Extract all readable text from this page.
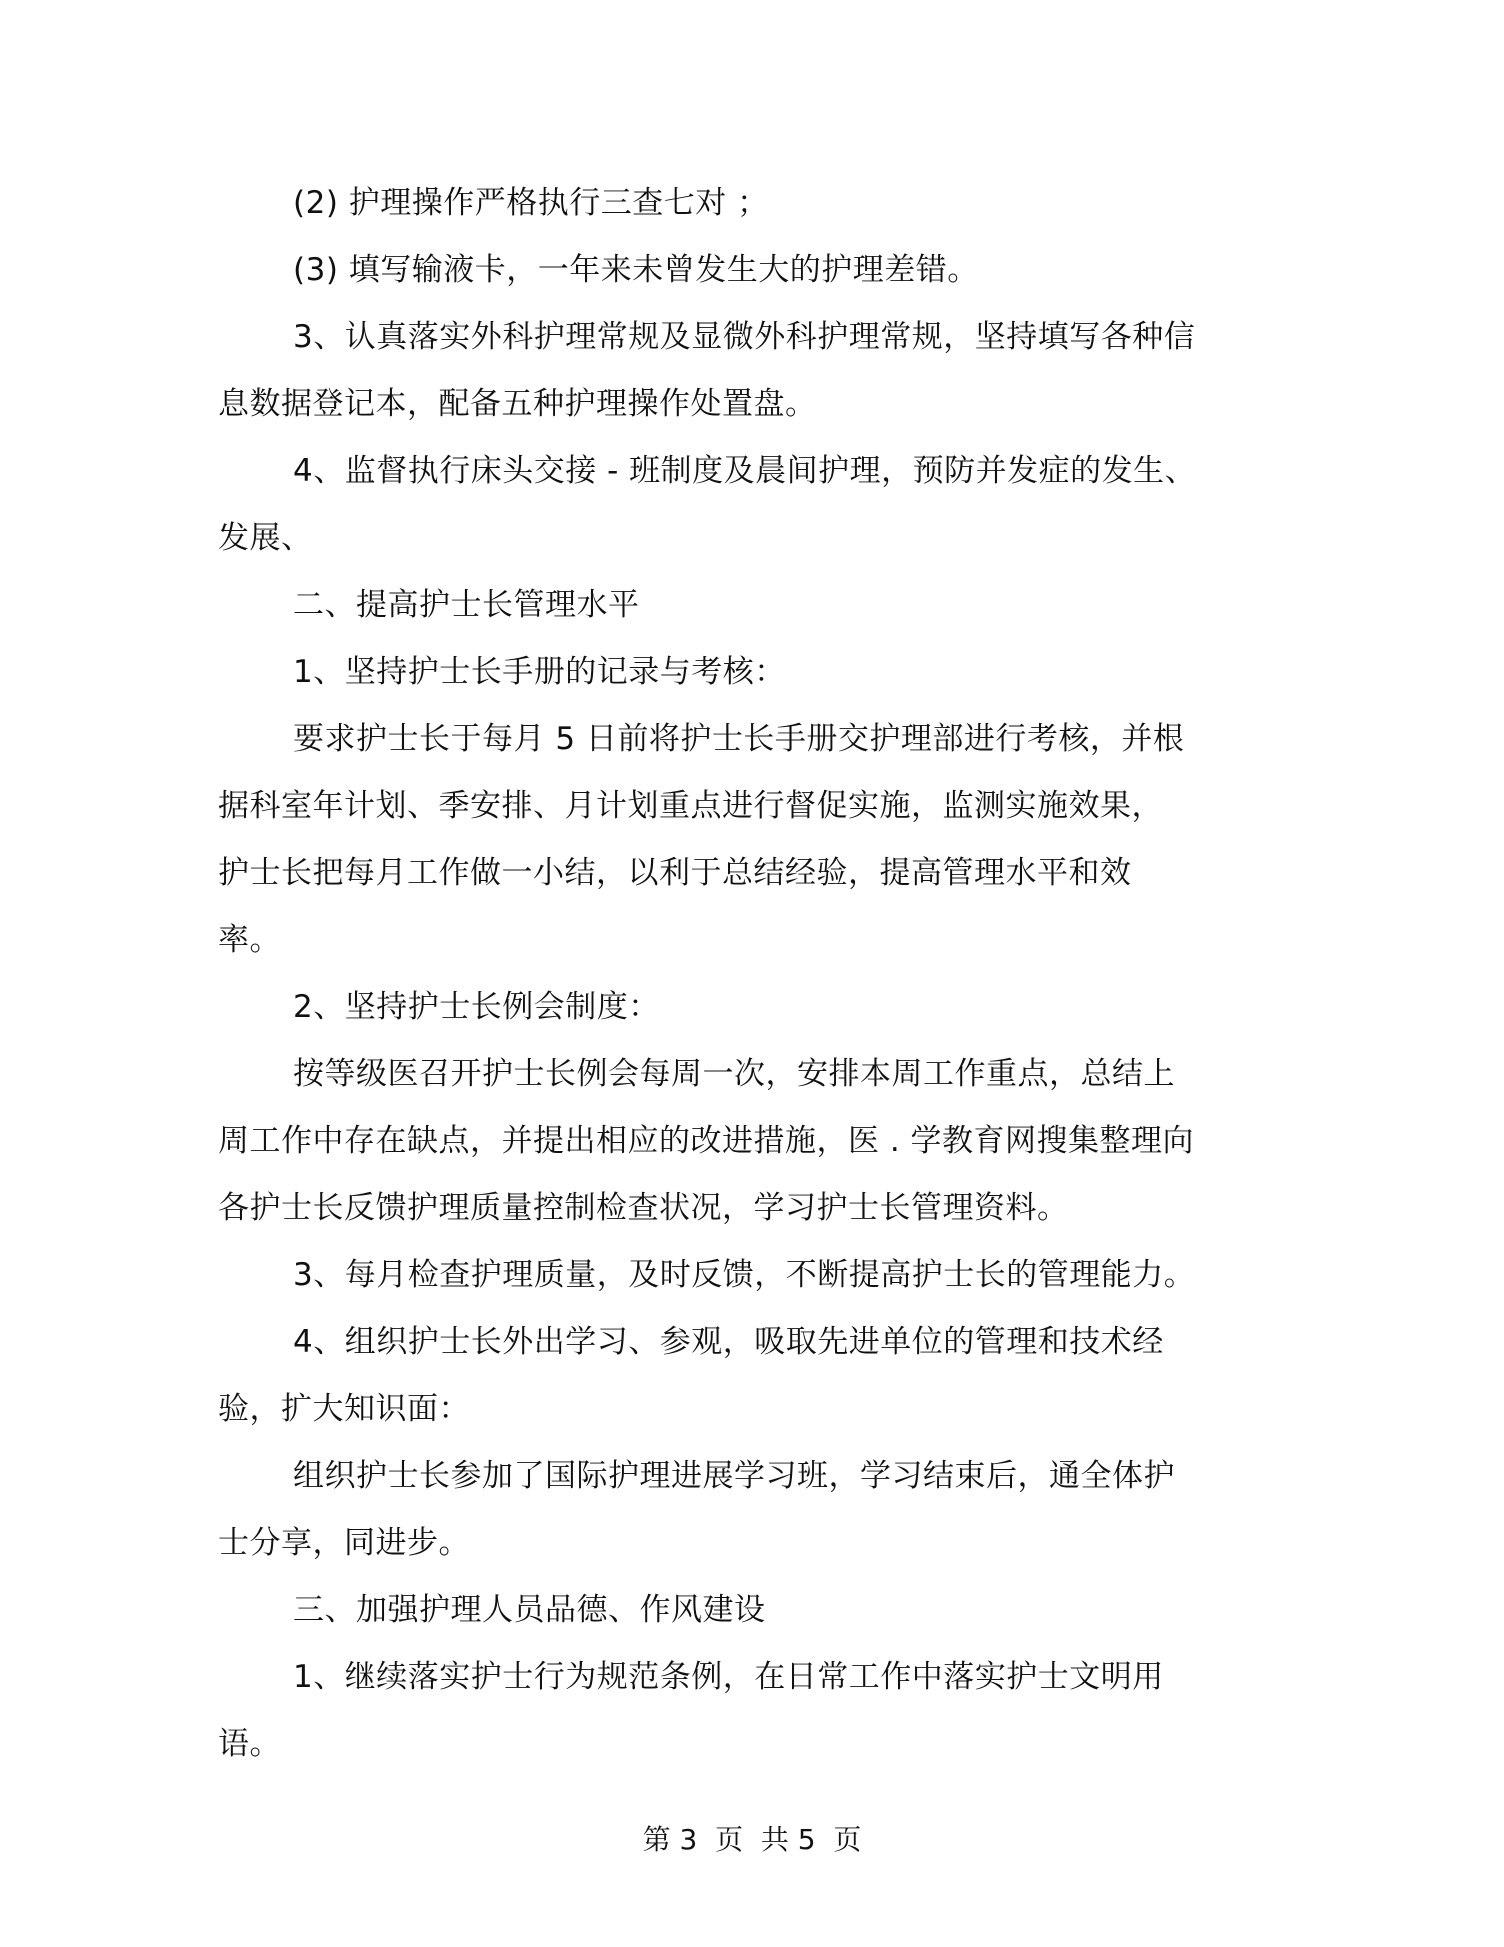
(2) 护理操作严格执行三查七对 ；
(3) 填写输液卡，一年来未曾发生大的护理差错。
3、认真落实外科护理常规及显微外科护理常规，坚持填写各种信
息数据登记本，配备五种护理操作处置盘。
4、监督执行床头交接 - 班制度及晨间护理，预防并发症的发生、
发展、
二、提高护士长管理水平
1、坚持护士长手册的记录与考核：
要求护士长于每月 5 日前将护士长手册交护理部进行考核，并根
据科室年计划、季安排、月计划重点进行督促实施，监测实施效果，
护士长把每月工作做一小结，以利于总结经验，提高管理水平和效
率。
2、坚持护士长例会制度：
按等级医召开护士长例会每周一次，安排本周工作重点，总结上
周工作中存在缺点，并提出相应的改进措施，医 . 学教育网搜集整理向
各护士长反馈护理质量控制检查状况，学习护士长管理资料。
3、每月检查护理质量，及时反馈，不断提高护士长的管理能力。
4、组织护士长外出学习、参观，吸取先进单位的管理和技术经
验，扩大知识面：
组织护士长参加了国际护理进展学习班，学习结束后，通全体护
士分享，同进步。
三、加强护理人员品德、作风建设
1、继续落实护士行为规范条例，在日常工作中落实护士文明用
语。
第 3  页  共 5  页
